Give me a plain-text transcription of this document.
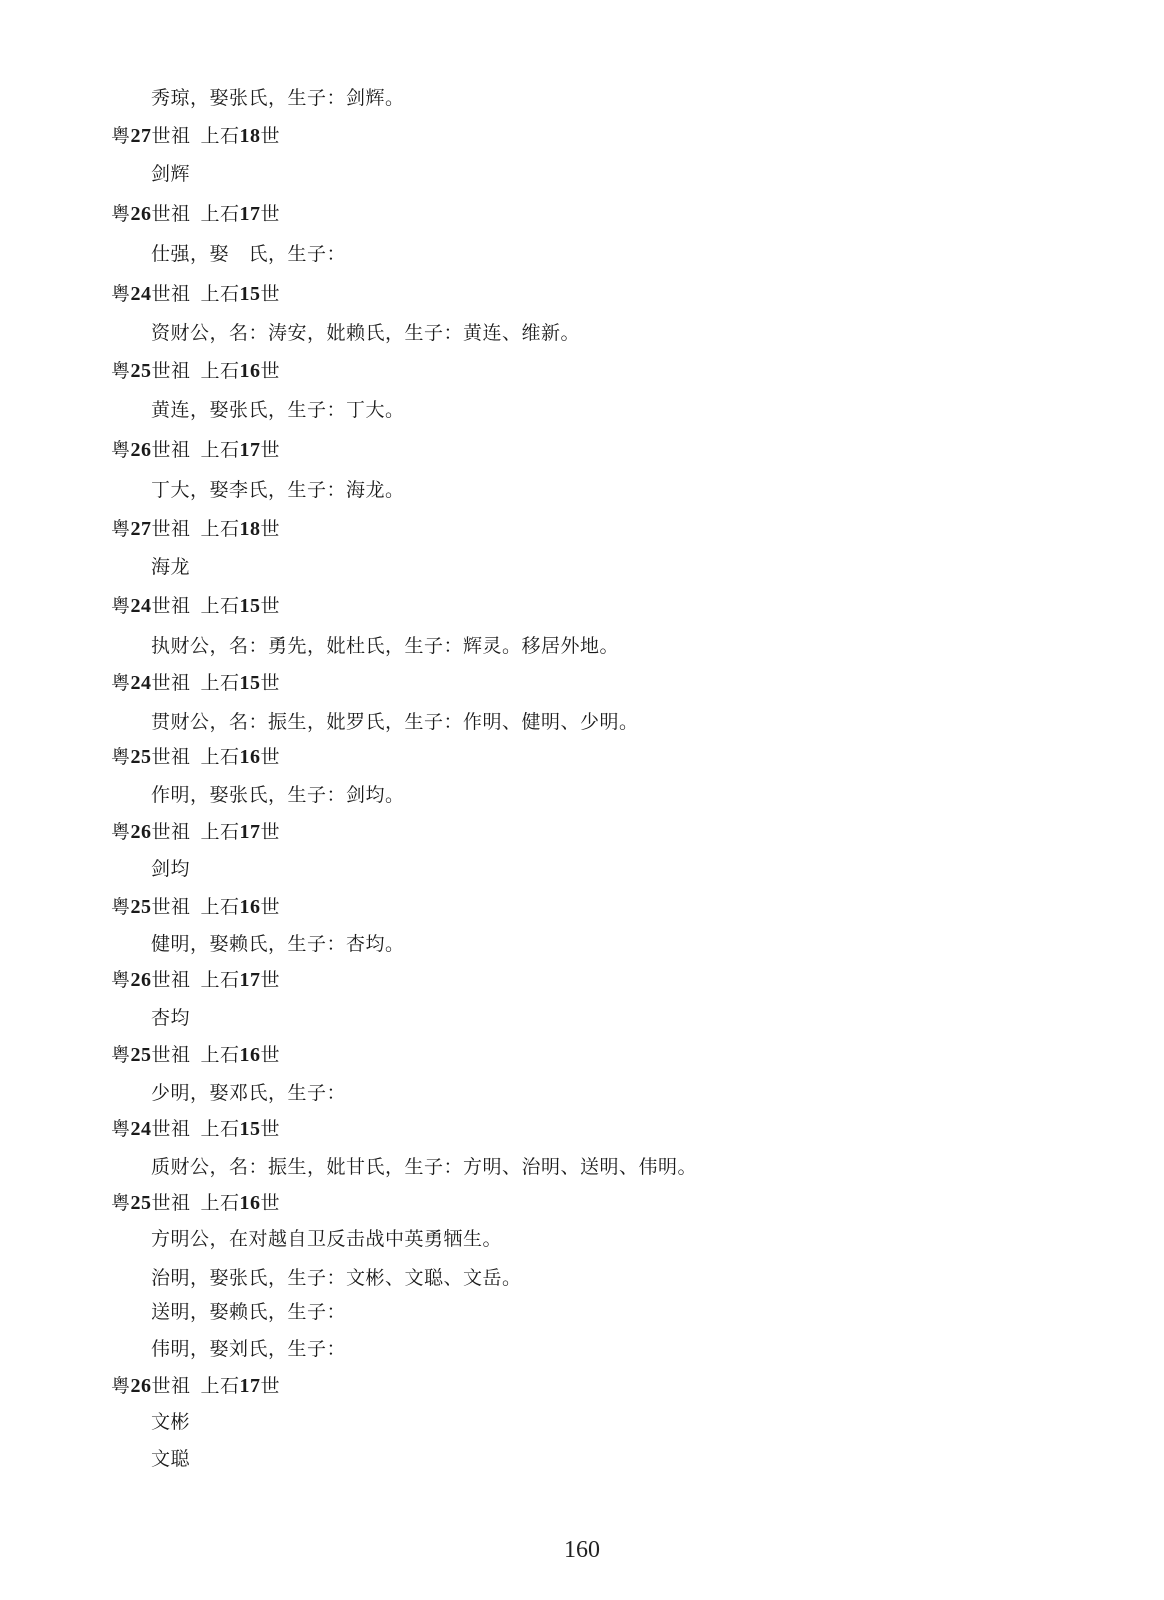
160
秀琼，娶张氏，生子：剑辉。
粤27世祖 上石18世
剑辉
粤26世祖 上石17世
仕强，娶　氏，生子：
粤24世祖 上石15世
资财公，名：涛安，妣赖氏，生子：黄连、维新。
粤25世祖 上石16世
黄连，娶张氏，生子：丁大。
粤26世祖 上石17世
丁大，娶李氏，生子：海龙。
粤27世祖 上石18世
海龙
粤24世祖 上石15世
执财公，名：勇先，妣杜氏，生子：辉灵。移居外地。
粤24世祖 上石15世
贯财公，名：振生，妣罗氏，生子：作明、健明、少明。
粤25世祖 上石16世
作明，娶张氏，生子：剑均。
粤26世祖 上石17世
剑均
粤25世祖 上石16世
健明，娶赖氏，生子：杏均。
粤26世祖 上石17世
杏均
粤25世祖 上石16世
少明，娶邓氏，生子：
粤24世祖 上石15世
质财公，名：振生，妣甘氏，生子：方明、治明、送明、伟明。
粤25世祖 上石16世
方明公，在对越自卫反击战中英勇牺生。
治明，娶张氏，生子：文彬、文聪、文岳。
送明，娶赖氏，生子：
伟明，娶刘氏，生子：
粤26世祖 上石17世
文彬
文聪
